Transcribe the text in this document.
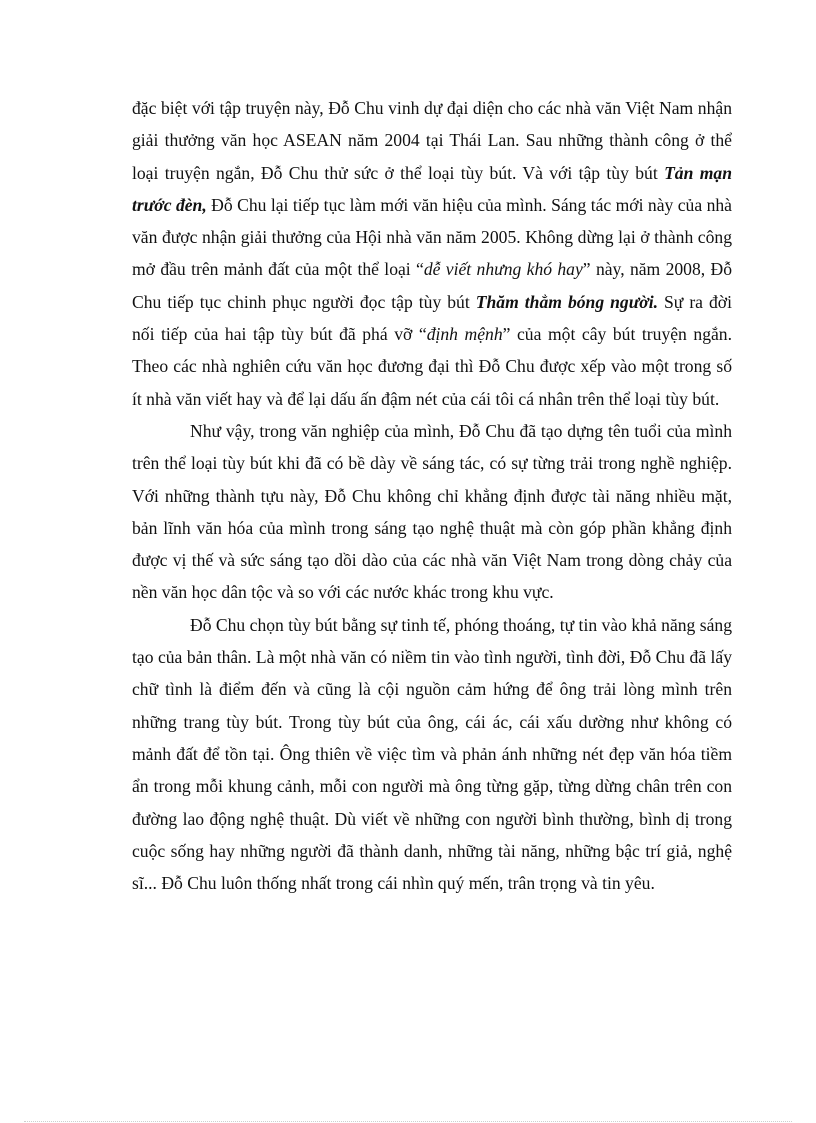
đặc biệt với tập truyện này, Đỗ Chu vinh dự đại diện cho các nhà văn Việt Nam nhận giải thưởng văn học ASEAN năm 2004 tại Thái Lan. Sau những thành công ở thể loại truyện ngắn, Đỗ Chu thử sức ở thể loại tùy bút. Và với tập tùy bút Tản mạn trước đèn, Đỗ Chu lại tiếp tục làm mới văn hiệu của mình. Sáng tác mới này của nhà văn được nhận giải thưởng của Hội nhà văn năm 2005. Không dừng lại ở thành công mở đầu trên mảnh đất của một thể loại “dễ viết nhưng khó hay” này, năm 2008, Đỗ Chu tiếp tục chinh phục người đọc tập tùy bút Thăm thẳm bóng người. Sự ra đời nối tiếp của hai tập tùy bút đã phá vỡ “định mệnh” của một cây bút truyện ngắn. Theo các nhà nghiên cứu văn học đương đại thì Đỗ Chu được xếp vào một trong số ít nhà văn viết hay và để lại dấu ấn đậm nét của cái tôi cá nhân trên thể loại tùy bút.

Như vậy, trong văn nghiệp của mình, Đỗ Chu đã tạo dựng tên tuổi của mình trên thể loại tùy bút khi đã có bề dày về sáng tác, có sự từng trải trong nghề nghiệp. Với những thành tựu này, Đỗ Chu không chỉ khẳng định được tài năng nhiều mặt, bản lĩnh văn hóa của mình trong sáng tạo nghệ thuật mà còn góp phần khẳng định được vị thế và sức sáng tạo dồi dào của các nhà văn Việt Nam trong dòng chảy của nền văn học dân tộc và so với các nước khác trong khu vực.

Đỗ Chu chọn tùy bút bằng sự tinh tế, phóng thoáng, tự tin vào khả năng sáng tạo của bản thân. Là một nhà văn có niềm tin vào tình người, tình đời, Đỗ Chu đã lấy chữ tình là điểm đến và cũng là cội nguồn cảm hứng để ông trải lòng mình trên những trang tùy bút. Trong tùy bút của ông, cái ác, cái xấu dường như không có mảnh đất để tồn tại. Ông thiên về việc tìm và phản ánh những nét đẹp văn hóa tiềm ẩn trong mỗi khung cảnh, mỗi con người mà ông từng gặp, từng dừng chân trên con đường lao động nghệ thuật. Dù viết về những con người bình thường, bình dị trong cuộc sống hay những người đã thành danh, những tài năng, những bậc trí giả, nghệ sĩ... Đỗ Chu luôn thống nhất trong cái nhìn quý mến, trân trọng và tin yêu.
